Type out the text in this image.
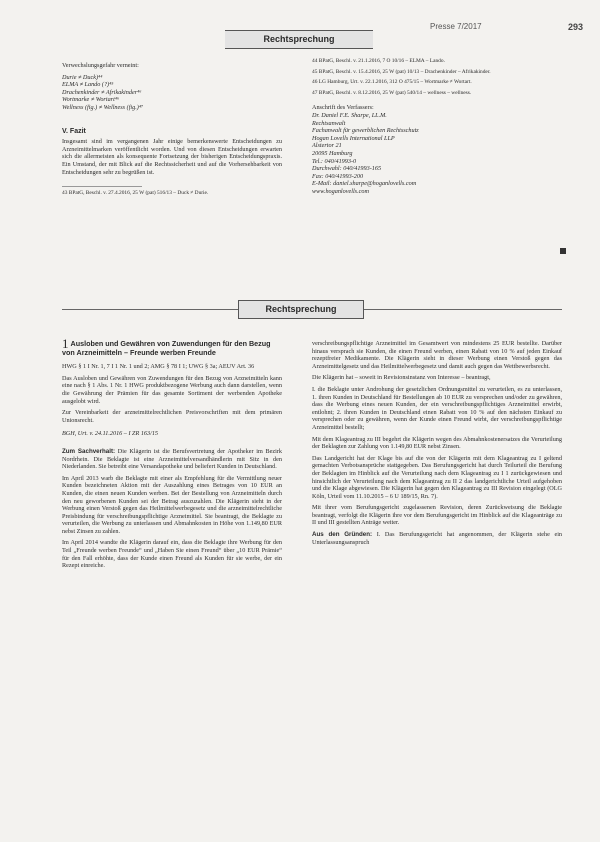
Presse 7/2017	293
Rechtsprechung

Verwechslungsgefahr verneint:

Durie ≠ Duck)⁴⁴

ELMA ≠ Lando (?)⁴⁵

Drachenkinder ≠ Afrikakinder⁴⁶

Wortmarke ≠ Wortart⁴⁶

Wellness (fig.) ≠ Wellness (fig.)⁴⁷

V. Fazit

Insgesamt sind im vergangenen Jahr einige bemerkenswerte Entscheidungen zu Arzneimittelmarken veröffentlicht worden. Und von diesen Entscheidungen erwarten sich die allermeisten als konsequente Fortsetzung der bisherigen Entscheidungspraxis. Ein Umstand, der mit Blick auf die Rechtssicherheit und auf die Vorhersehbarkeit von Entscheidungen sehr zu begrüßen ist.

43 BPatG, Beschl. v. 27.4.2016, 25 W (pat) 516/13 – Duck ≠ Durie.

44 BPatG, Beschl. v. 21.1.2016, 7 O 10/16 – ELMA – Lando.

45 BPatG, Beschl. v. 15.4.2016, 25 W (pat) 10/13 – Drachenkinder – Afrikakinder.

46 LG Hamburg, Urt. v. 22.1.2016, 312 O 475/15 – Wortmarke ≠ Wortart.

47 BPatG, Beschl. v. 8.12.2016, 25 W (pat) 540/14 – wellness – wellness.

Anschrift des Verfassers:

Dr. Daniel F.E. Sharpe, LL.M.

Rechtsanwalt

Fachanwalt für gewerblichen Rechtsschutz

Hogan Lovells International LLP

Alstertor 21

20095 Hamburg

Tel.: 040/41993-0

Durchwahl: 040/41993-165

Fax: 040/41993-200

E-Mail: daniel.sharpe@hoganlovells.com

www.hoganlovells.com

Rechtsprechung
1 Ausloben und Gewähren von Zuwendungen für den Bezug von Arzneimitteln – Freunde werben Freunde

HWG § 1 I Nr. 1, 7 I 1 Nr. 1 und 2; AMG § 78 I 1; UWG § 3a; AEUV Art. 36

Das Ausloben und Gewähren von Zuwendungen für den Bezug von Arzneimitteln kann eine nach § 1 Abs. 1 Nr. 1 HWG produktbezogene Werbung auch dann darstellen, wenn die Gewährung der Prämien für das gesamte Sortiment der werbenden Apotheke ausgelobt wird.

Zur Vereinbarkeit der arzneimittelrechtlichen Preisvorschriften mit dem primären Unionsrecht.

BGH, Urt. v. 24.11.2016 – I ZR 163/15

Zum Sachverhalt: Die Klägerin ist die Berufsvertretung der Apotheker im Bezirk Nordrhein. Die Beklagte ist eine Arzneimittelversandhändlerin mit Sitz in den Niederlanden. Sie betreibt eine Versandapotheke und beliefert Kunden in Deutschland.

Im April 2013 warb die Beklagte mit einer als Empfehlung für die Vermittlung neuer Kunden bezeichneten Aktion mit der Auszahlung eines Betrages von 10 EUR an Kunden, die einen neuen Kunden werben. Bei der Bestellung von Arzneimitteln durch den neu geworbenen Kunden sei der Betrag auszuzahlen. Die Klägerin sieht in der Werbung einen Verstoß gegen das Heilmittelwerbegesetz und die arzneimittelrechtliche Preisbindung für verschreibungspflichtige Arzneimittel. Sie beantragt, die Beklagte zu verurteilen, die Werbung zu unterlassen und Abmahnkosten in Höhe von 1.149,80 EUR nebst Zinsen zu zahlen.

Im April 2014 wandte die Klägerin darauf ein, dass die Beklagte ihre Werbung für den Teil „Freunde werben Freunde“ und „Haben Sie einen Freund“ über „10 EUR Prämie“ für den Fall erhöhte, dass der Kunde einen Freund als Kunden für sie werbe, der ein Rezept einreiche.

verschreibungspflichtige Arzneimittel im Gesamtwert von mindestens 25 EUR bestellte. Darüber hinaus versprach sie Kunden, die einen Freund werben, einen Rabatt von 10 % auf jeden Einkauf rezeptfreier Medikamente. Die Klägerin sieht in dieser Werbung einen Verstoß gegen das Arzneimittelgesetz und das Heilmittelwerbegesetz und damit auch gegen das Wettbewerbsrecht.

Die Klägerin hat – soweit in Revisionsinstanz von Interesse – beantragt,

I. die Beklagte unter Androhung der gesetzlichen Ordnungsmittel zu verurteilen, es zu unterlassen, 1. ihren Kunden in Deutschland für Bestellungen ab 10 EUR zu versprechen und/oder zu gewähren, dass die Werbung eines neuen Kunden, der ein verschreibungspflichtiges Arzneimittel erwirbt, entlohnt; 2. ihren Kunden in Deutschland einen Rabatt von 10 % auf den nächsten Einkauf zu versprechen oder zu gewähren, wenn der Kunde einen Freund wirbt, der verschreibungspflichtige Arzneimittel bestellt;

Mit dem Klageantrag zu III begehrt die Klägerin wegen des Abmahnkostenersatzes die Verurteilung der Beklagten zur Zahlung von 1.149,80 EUR nebst Zinsen.

Das Landgericht hat der Klage bis auf die von der Klägerin mit dem Klageantrag zu I geltend gemachten Verbotsansprüche stattgegeben. Das Berufungsgericht hat durch Teilurteil die Berufung der Beklagten im Hinblick auf die Verurteilung nach dem Klageantrag zu I 1 zurückgewiesen und hinsichtlich der Verurteilung nach dem Klageantrag zu II 2 das landgerichtliche Urteil aufgehoben und die Klage abgewiesen. Die Klägerin hat gegen den Klageantrag zu III Revision eingelegt (OLG Köln, Urteil vom 11.10.2015 – 6 U 189/15, Rn. 7).

Mit ihrer vom Berufungsgericht zugelassenen Revision, deren Zurückweisung die Beklagte beantragt, verfolgt die Klägerin ihre vor dem Berufungsgericht im Hinblick auf die Klageanträge zu II und III gestellten Anträge weiter.

Aus den Gründen: I. Das Berufungsgericht hat angenommen, der Klägerin stehe ein Unterlassungsanspruch
